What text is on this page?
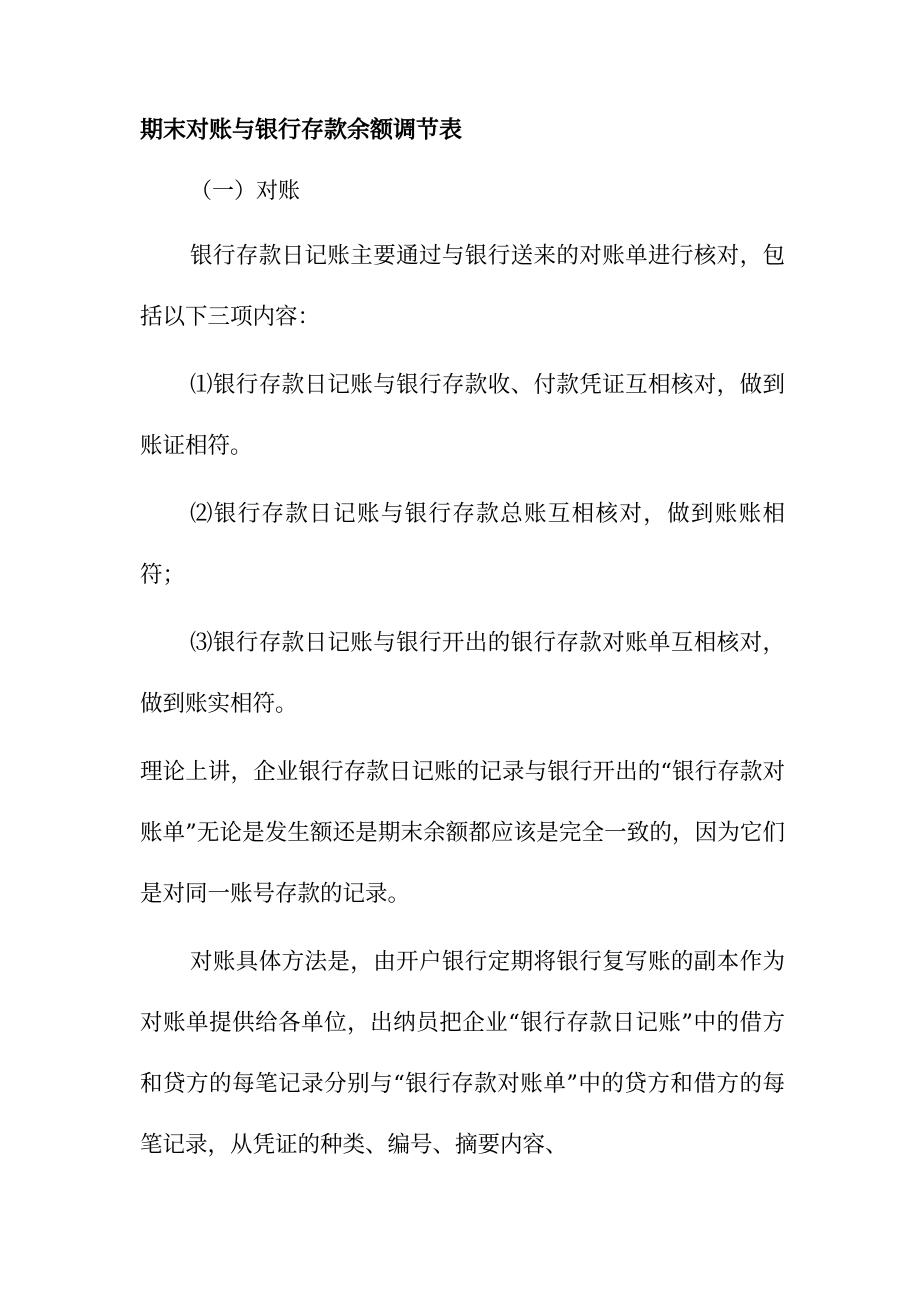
期末对账与银行存款余额调节表
（一）对账

银行存款日记账主要通过与银行送来的对账单进行核对，包括以下三项内容：

⑴银行存款日记账与银行存款收、付款凭证互相核对，做到账证相符。

⑵银行存款日记账与银行存款总账互相核对，做到账账相符；

⑶银行存款日记账与银行开出的银行存款对账单互相核对，做到账实相符。

理论上讲，企业银行存款日记账的记录与银行开出的“银行存款对账单”无论是发生额还是期末余额都应该是完全一致的，因为它们是对同一账号存款的记录。

对账具体方法是，由开户银行定期将银行复写账的副本作为对账单提供给各单位，出纳员把企业“银行存款日记账”中的借方和贷方的每笔记录分别与“银行存款对账单”中的贷方和借方的每笔记录，从凭证的种类、编号、摘要内容、
